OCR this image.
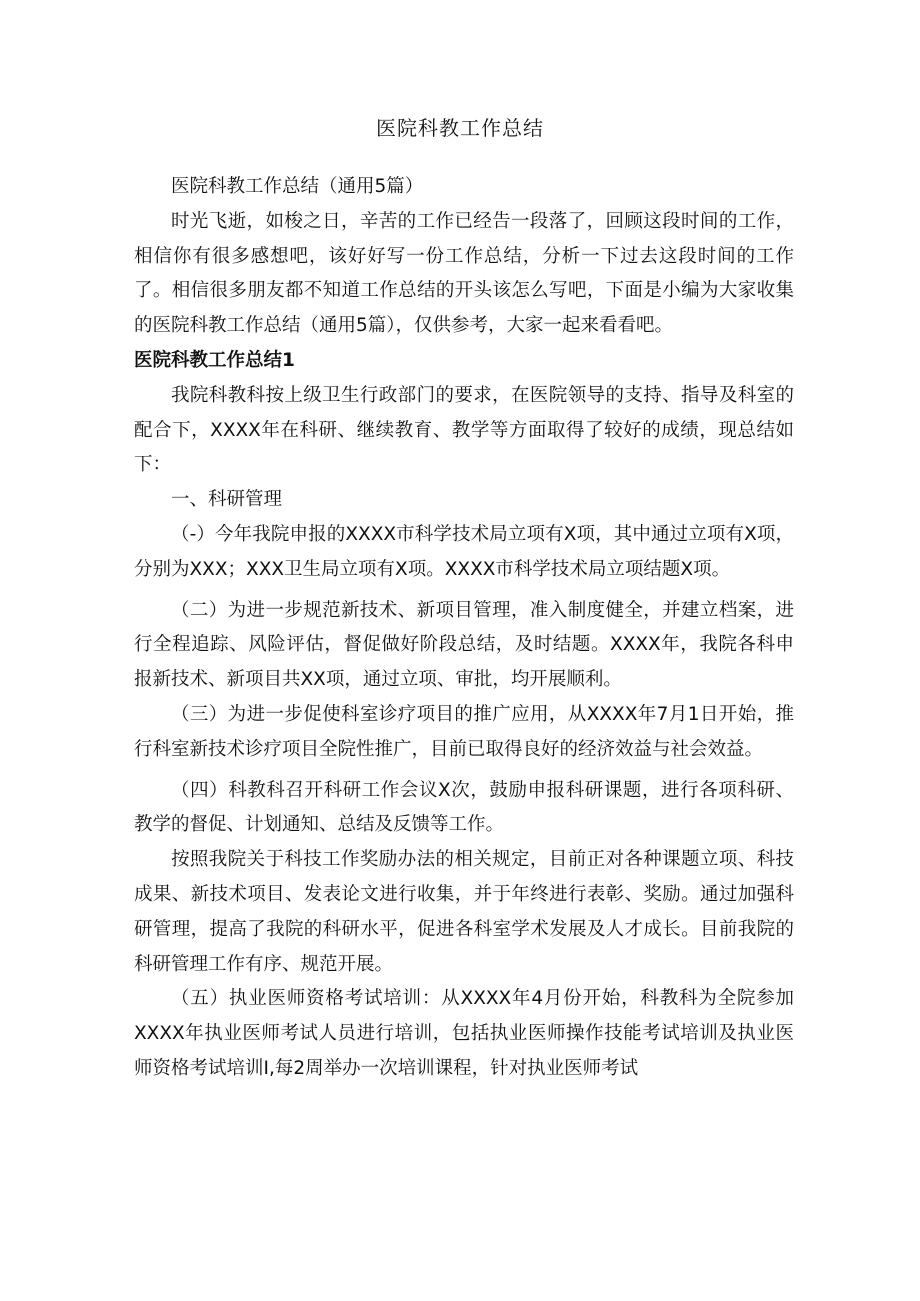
医院科教工作总结

医院科教工作总结（通用5篇）

时光飞逝，如梭之日，辛苦的工作已经告一段落了，回顾这段时间的工作，相信你有很多感想吧，该好好写一份工作总结，分析一下过去这段时间的工作了。相信很多朋友都不知道工作总结的开头该怎么写吧，下面是小编为大家收集的医院科教工作总结（通用5篇），仅供参考，大家一起来看看吧。

医院科教工作总结1

我院科教科按上级卫生行政部门的要求，在医院领导的支持、指导及科室的配合下，XXXX年在科研、继续教育、教学等方面取得了较好的成绩，现总结如下：

一、科研管理

（-）今年我院申报的XXXX市科学技术局立项有X项，其中通过立项有X项，分别为XXX；XXX卫生局立项有X项。XXXX市科学技术局立项结题X项。

（二）为进一步规范新技术、新项目管理，准入制度健全，并建立档案，进行全程追踪、风险评估，督促做好阶段总结，及时结题。XXXX年，我院各科申报新技术、新项目共XX项，通过立项、审批，均开展顺利。

（三）为进一步促使科室诊疗项目的推广应用，从XXXX年7月1日开始，推行科室新技术诊疗项目全院性推广，目前已取得良好的经济效益与社会效益。

（四）科教科召开科研工作会议X次，鼓励申报科研课题，进行各项科研、教学的督促、计划通知、总结及反馈等工作。

按照我院关于科技工作奖励办法的相关规定，目前正对各种课题立项、科技成果、新技术项目、发表论文进行收集，并于年终进行表彰、奖励。通过加强科研管理，提高了我院的科研水平，促进各科室学术发展及人才成长。目前我院的科研管理工作有序、规范开展。

（五）执业医师资格考试培训：从XXXX年4月份开始，科教科为全院参加XXXX年执业医师考试人员进行培训，包括执业医师操作技能考试培训及执业医师资格考试培训I,每2周举办一次培训课程，针对执业医师考试
